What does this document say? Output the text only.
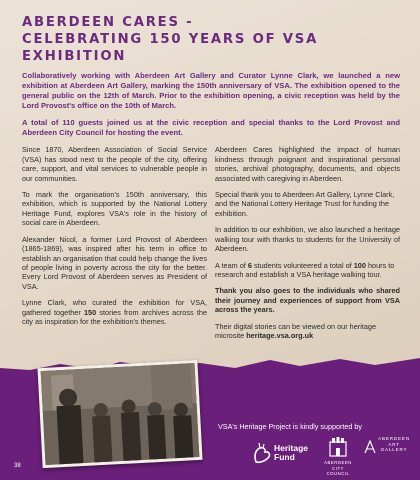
ABERDEEN CARES -
CELEBRATING 150 YEARS OF VSA EXHIBITION

Collaboratively working with Aberdeen Art Gallery and Curator Lynne Clark, we launched a new exhibition at Aberdeen Art Gallery, marking the 150th anniversary of VSA. The exhibition opened to the general public on the 12th of March. Prior to the exhibition opening, a civic reception was held by the Lord Provost's office on the 10th of March.

A total of 110 guests joined us at the civic reception and special thanks to the Lord Provost and Aberdeen City Council for hosting the event.

Since 1870, Aberdeen Association of Social Service (VSA) has stood next to the people of the city, offering care, support, and vital services to vulnerable people in our communities.

To mark the organisation's 150th anniversary, this exhibition, which is supported by the National Lottery Heritage Fund, explores VSA's role in the history of social care in Aberdeen.

Alexander Nicol, a former Lord Provost of Aberdeen (1865-1869), was inspired after his term in office to establish an organisation that could help change the lives of people living in poverty across the city for the better. Every Lord Provost of Aberdeen serves as President of VSA.

Lynne Clark, who curated the exhibition for VSA, gathered together 150 stories from archives across the city as inspiration for the exhibition's themes.

Aberdeen Cares highlighted the impact of human kindness through poignant and inspirational personal stories, archival photography, documents, and objects associated with caregiving in Aberdeen.

Special thank you to Aberdeen Art Gallery, Lynne Clark, and the National Lottery Heritage Trust for funding the exhibition.

In addition to our exhibition, we also launched a heritage walking tour with thanks to students for the University of Aberdeen.

A team of 6 students volunteered a total of 100 hours to research and establish a VSA heritage walking tour.

Thank you also goes to the individuals who shared their journey and experiences of support from VSA across the years.

Their digital stories can be viewed on our heritage microsite heritage.vsa.org.uk

VSA's Heritage Project is kindly supported by
Heritage
Fund
ABERDEEN
CITY COUNCIL
ABERDEEN
ART
GALLERY
38
